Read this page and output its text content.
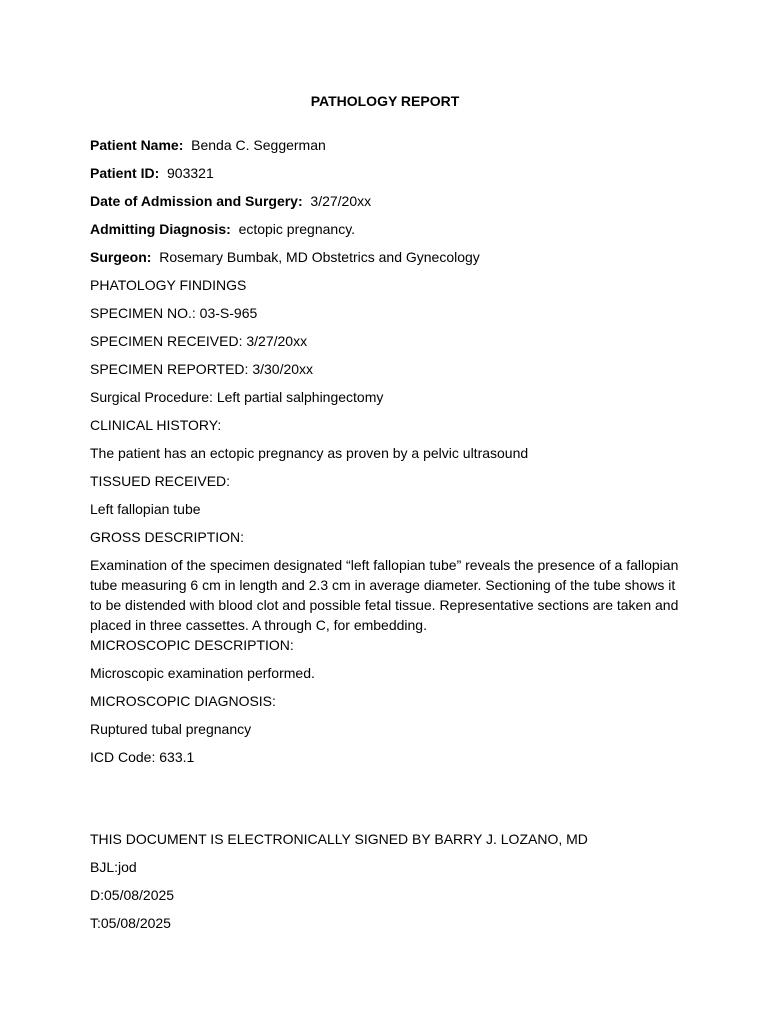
PATHOLOGY REPORT

Patient Name: Benda C. Seggerman

Patient ID: 903321

Date of Admission and Surgery: 3/27/20xx

Admitting Diagnosis: ectopic pregnancy.

Surgeon: Rosemary Bumbak, MD Obstetrics and Gynecology

PHATOLOGY FINDINGS

SPECIMEN NO.: 03-S-965

SPECIMEN RECEIVED: 3/27/20xx

SPECIMEN REPORTED: 3/30/20xx

Surgical Procedure: Left partial salphingectomy

CLINICAL HISTORY:

The patient has an ectopic pregnancy as proven by a pelvic ultrasound

TISSUED RECEIVED:

Left fallopian tube

GROSS DESCRIPTION:

Examination of the specimen designated “left fallopian tube” reveals the presence of a fallopian tube measuring 6 cm in length and 2.3 cm in average diameter. Sectioning of the tube shows it to be distended with blood clot and possible fetal tissue. Representative sections are taken and placed in three cassettes. A through C, for embedding.

MICROSCOPIC DESCRIPTION:

Microscopic examination performed.

MICROSCOPIC DIAGNOSIS:

Ruptured tubal pregnancy

ICD Code: 633.1

THIS DOCUMENT IS ELECTRONICALLY SIGNED BY BARRY J. LOZANO, MD

BJL:jod

D:05/08/2025

T:05/08/2025
